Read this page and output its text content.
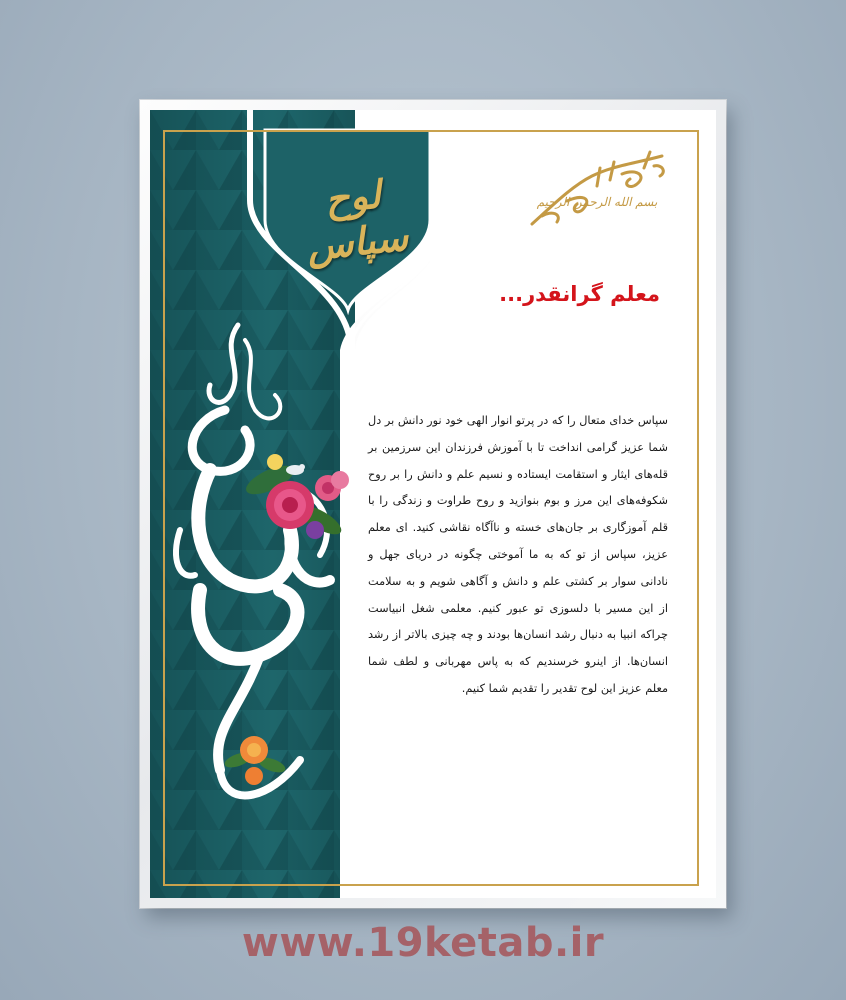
لوح سپاس
بسم الله الرحمن الرحیم
معلم گرانقدر...

سپاس خدای متعال را که در پرتو انوار الهی خود نور دانش بر دل شما عزیز گرامی انداخت تا با آموزش فرزندان این سرزمین بر قله‌های ایثار و استقامت ایستاده و نسیم علم و دانش را بر روح شکوفه‌های این مرز و بوم بنوازید و روح طراوت و زندگی را با قلم آموزگاری بر جان‌های خسته و ناآگاه نقاشی کنید. ای معلم عزیز، سپاس از تو که به ما آموختی چگونه در دریای جهل و نادانی سوار بر کشتی علم و دانش و آگاهی شویم و به سلامت از این مسیر با دلسوزی تو عبور کنیم. معلمی شغل انبیاست چراکه انبیا به دنبال رشد انسان‌ها بودند و چه چیزی بالاتر از رشد انسان‌ها. از اینرو خرسندیم که به پاس مهربانی و لطف شما معلم عزیز این لوح تقدیر را تقدیم شما کنیم.

www.19ketab.ir
